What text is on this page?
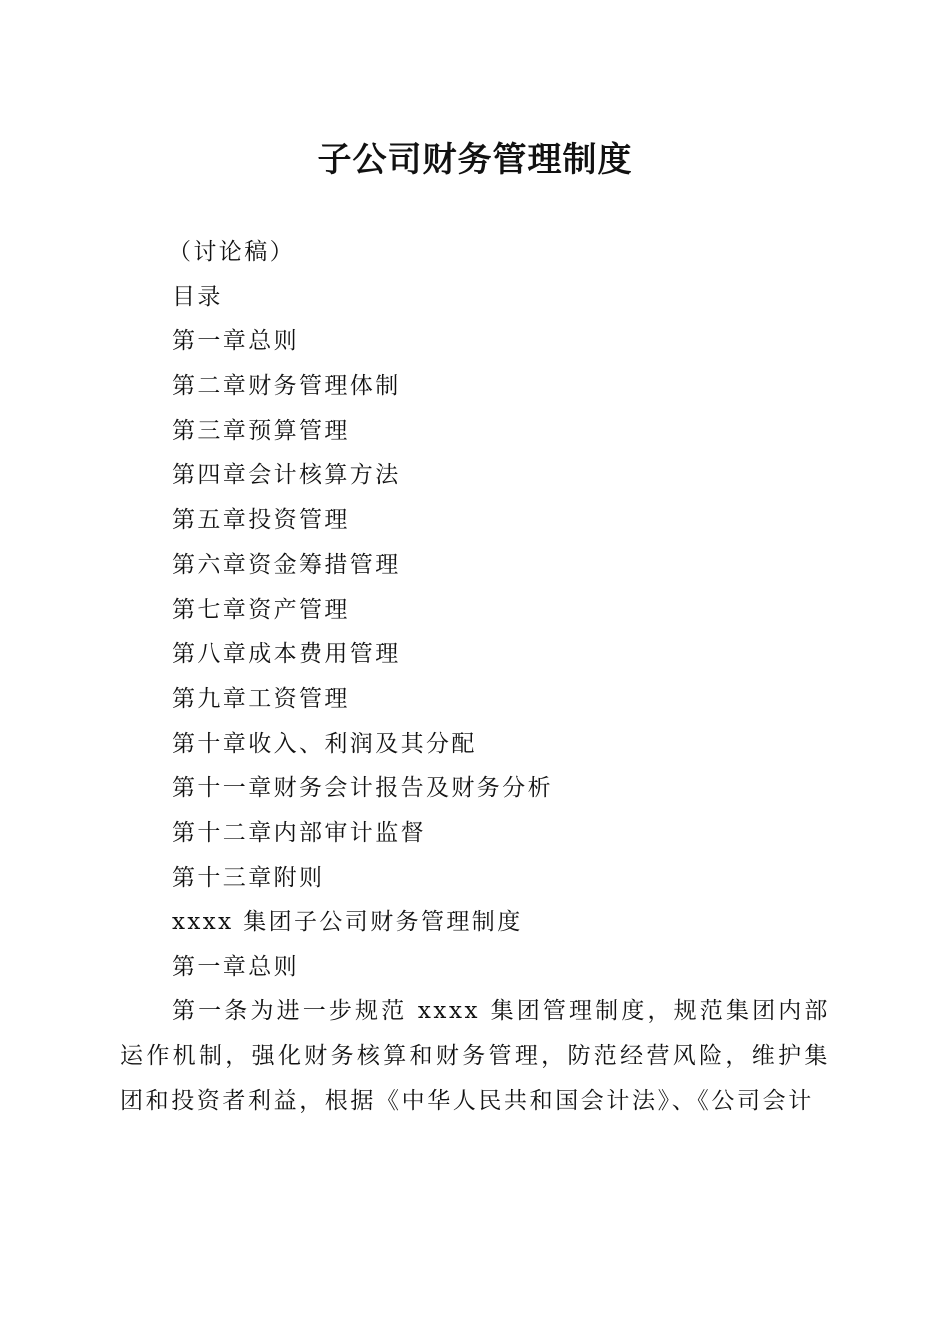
子公司财务管理制度
（讨论稿）
目录
第一章总则
第二章财务管理体制
第三章预算管理
第四章会计核算方法
第五章投资管理
第六章资金筹措管理
第七章资产管理
第八章成本费用管理
第九章工资管理
第十章收入、利润及其分配
第十一章财务会计报告及财务分析
第十二章内部审计监督
第十三章附则
xxxx 集团子公司财务管理制度
第一章总则

第一条为进一步规范 xxxx 集团管理制度，规范集团内部运作机制，强化财务核算和财务管理，防范经营风险，维护集团和投资者利益，根据《中华人民共和国会计法》、《公司会计
